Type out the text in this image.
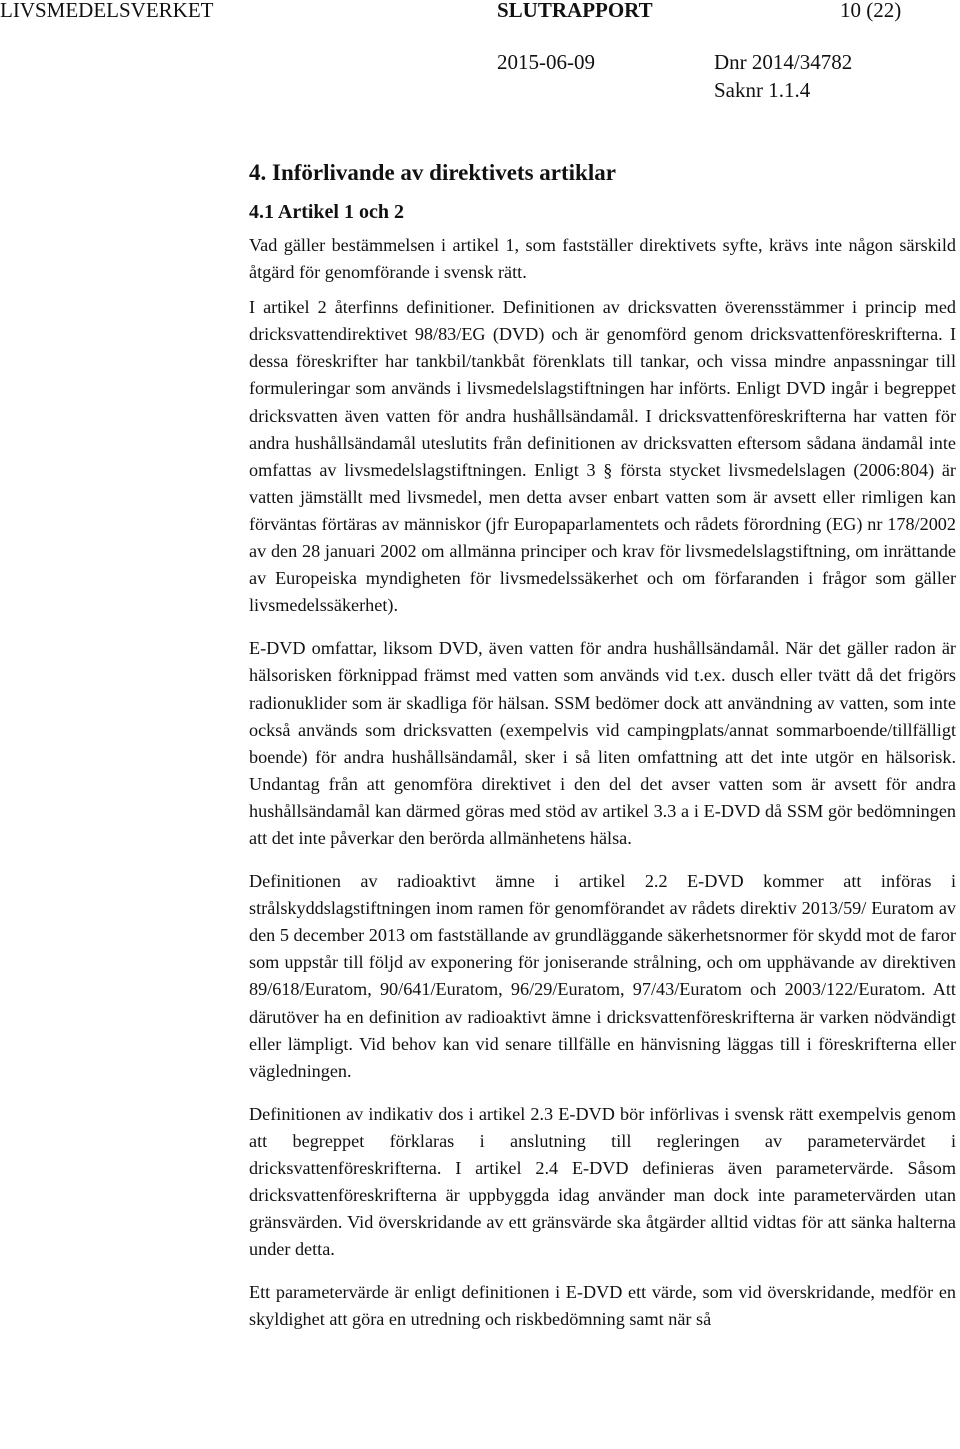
LIVSMEDELSVERKET	SLUTRAPPORT	10 (22)
2015-06-09	Dnr 2014/34782
Saknr 1.1.4
4. Införlivande av direktivets artiklar
4.1 Artikel 1 och 2

Vad gäller bestämmelsen i artikel 1, som fastställer direktivets syfte, krävs inte någon särskild åtgärd för genomförande i svensk rätt.

I artikel 2 återfinns definitioner. Definitionen av dricksvatten överensstämmer i princip med dricksvattendirektivet 98/83/EG (DVD) och är genomförd genom dricksvattenföreskrifterna. I dessa föreskrifter har tankbil/tankbåt förenklats till tankar, och vissa mindre anpassningar till formuleringar som används i livsmedelslagstiftningen har införts. Enligt DVD ingår i begreppet dricksvatten även vatten för andra hushållsändamål. I dricksvattenföreskrifterna har vatten för andra hushållsändamål uteslutits från definitionen av dricksvatten eftersom sådana ändamål inte omfattas av livsmedelslagstiftningen. Enligt 3 § första stycket livsmedelslagen (2006:804) är vatten jämställt med livsmedel, men detta avser enbart vatten som är avsett eller rimligen kan förväntas förtäras av människor (jfr Europaparlamentets och rådets förordning (EG) nr 178/2002 av den 28 januari 2002 om allmänna principer och krav för livsmedelslagstiftning, om inrättande av Europeiska myndigheten för livsmedelssäkerhet och om förfaranden i frågor som gäller livsmedelssäkerhet).

E-DVD omfattar, liksom DVD, även vatten för andra hushållsändamål. När det gäller radon är hälsorisken förknippad främst med vatten som används vid t.ex. dusch eller tvätt då det frigörs radionuklider som är skadliga för hälsan. SSM bedömer dock att användning av vatten, som inte också används som dricksvatten (exempelvis vid campingplats/annat sommarboende/tillfälligt boende) för andra hushållsändamål, sker i så liten omfattning att det inte utgör en hälsorisk. Undantag från att genomföra direktivet i den del det avser vatten som är avsett för andra hushållsändamål kan därmed göras med stöd av artikel 3.3 a i E-DVD då SSM gör bedömningen att det inte påverkar den berörda allmänhetens hälsa.

Definitionen av radioaktivt ämne i artikel 2.2 E-DVD kommer att införas i strålskyddslagstiftningen inom ramen för genomförandet av rådets direktiv 2013/59/ Euratom av den 5 december 2013 om fastställande av grundläggande säkerhetsnormer för skydd mot de faror som uppstår till följd av exponering för joniserande strålning, och om upphävande av direktiven 89/618/Euratom, 90/641/Euratom, 96/29/Euratom, 97/43/Euratom och 2003/122/Euratom. Att därutöver ha en definition av radioaktivt ämne i dricksvattenföreskrifterna är varken nödvändigt eller lämpligt. Vid behov kan vid senare tillfälle en hänvisning läggas till i föreskrifterna eller vägledningen.

Definitionen av indikativ dos i artikel 2.3 E-DVD bör införlivas i svensk rätt exempelvis genom att begreppet förklaras i anslutning till regleringen av parametervärdet i dricksvattenföreskrifterna. I artikel 2.4 E-DVD definieras även parametervärde. Såsom dricksvattenföreskrifterna är uppbyggda idag använder man dock inte parametervärden utan gränsvärden. Vid överskridande av ett gränsvärde ska åtgärder alltid vidtas för att sänka halterna under detta.

Ett parametervärde är enligt definitionen i E-DVD ett värde, som vid överskridande, medför en skyldighet att göra en utredning och riskbedömning samt när så
